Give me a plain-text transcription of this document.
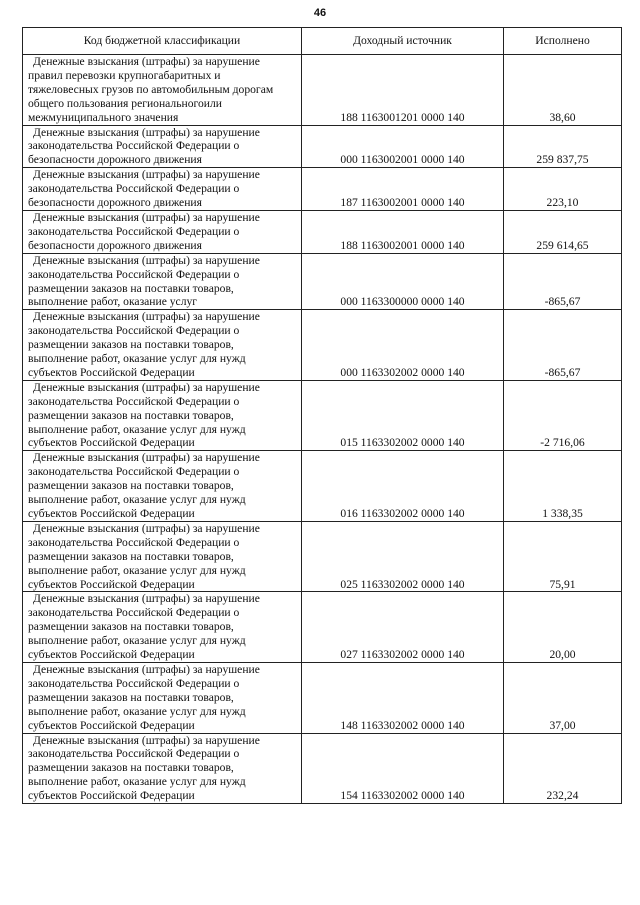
46
Код бюджетной классификации	Доходный источник	Исполнено

Денежные взыскания (штрафы) за нарушение
правил перевозки крупногабаритных и
тяжеловесных грузов по автомобильным дорогам
общего пользования региональногоили
межмуниципального значения	188 1163001201 0000 140	38,60

Денежные взыскания (штрафы) за нарушение
законодательства Российской Федерации о
безопасности дорожного движения	000 1163002001 0000 140	259 837,75

Денежные взыскания (штрафы) за нарушение
законодательства Российской Федерации о
безопасности дорожного движения	187 1163002001 0000 140	223,10

Денежные взыскания (штрафы) за нарушение
законодательства Российской Федерации о
безопасности дорожного движения	188 1163002001 0000 140	259 614,65

Денежные взыскания (штрафы) за нарушение
законодательства Российской Федерации о
размещении заказов на поставки товаров,
выполнение работ, оказание услуг	000 1163300000 0000 140	-865,67

Денежные взыскания (штрафы) за нарушение
законодательства Российской Федерации о
размещении заказов на поставки товаров,
выполнение работ, оказание услуг для нужд
субъектов Российской Федерации	000 1163302002 0000 140	-865,67

Денежные взыскания (штрафы) за нарушение
законодательства Российской Федерации о
размещении заказов на поставки товаров,
выполнение работ, оказание услуг для нужд
субъектов Российской Федерации	015 1163302002 0000 140	-2 716,06

Денежные взыскания (штрафы) за нарушение
законодательства Российской Федерации о
размещении заказов на поставки товаров,
выполнение работ, оказание услуг для нужд
субъектов Российской Федерации	016 1163302002 0000 140	1 338,35

Денежные взыскания (штрафы) за нарушение
законодательства Российской Федерации о
размещении заказов на поставки товаров,
выполнение работ, оказание услуг для нужд
субъектов Российской Федерации	025 1163302002 0000 140	75,91

Денежные взыскания (штрафы) за нарушение
законодательства Российской Федерации о
размещении заказов на поставки товаров,
выполнение работ, оказание услуг для нужд
субъектов Российской Федерации	027 1163302002 0000 140	20,00

Денежные взыскания (штрафы) за нарушение
законодательства Российской Федерации о
размещении заказов на поставки товаров,
выполнение работ, оказание услуг для нужд
субъектов Российской Федерации	148 1163302002 0000 140	37,00

Денежные взыскания (штрафы) за нарушение
законодательства Российской Федерации о
размещении заказов на поставки товаров,
выполнение работ, оказание услуг для нужд
субъектов Российской Федерации	154 1163302002 0000 140	232,24
